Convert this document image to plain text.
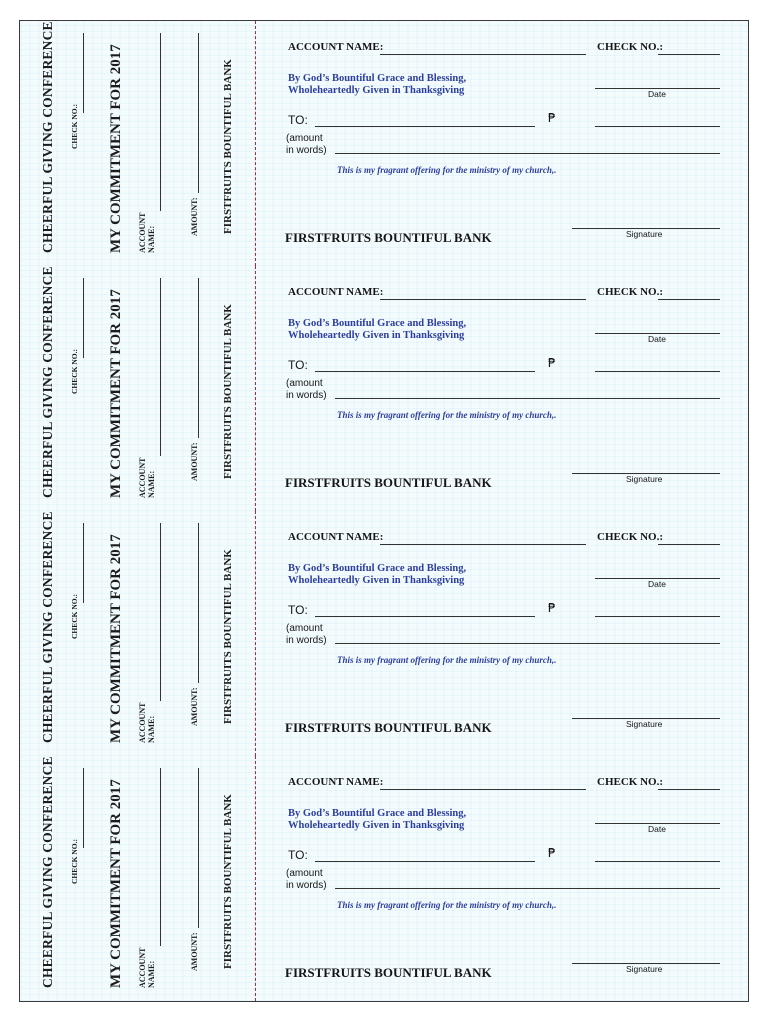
CHEERFUL GIVING CONFERENCE CHECK NO.: MY COMMITMENT FOR 2017 ACCOUNT NAME:
AMOUNT: FIRSTFRUITS BOUNTIFUL BANK
ACCOUNT NAME:	CHECK NO.:
By God’s Bountiful Grace and Blessing,
Wholeheartedly Given in Thanksgiving	Date
TO:	₱
(amount
in words)
This is my fragrant offering for the ministry of my church,.
Signature
FIRSTFRUITS BOUNTIFUL BANK
CHEERFUL GIVING CONFERENCE CHECK NO.: MY COMMITMENT FOR 2017 ACCOUNT NAME:
AMOUNT: FIRSTFRUITS BOUNTIFUL BANK
ACCOUNT NAME:	CHECK NO.:
By God’s Bountiful Grace and Blessing,
Wholeheartedly Given in Thanksgiving	Date
TO:	₱
(amount
in words)
This is my fragrant offering for the ministry of my church,.
Signature
FIRSTFRUITS BOUNTIFUL BANK
CHEERFUL GIVING CONFERENCE CHECK NO.: MY COMMITMENT FOR 2017 ACCOUNT NAME:
AMOUNT: FIRSTFRUITS BOUNTIFUL BANK
ACCOUNT NAME:	CHECK NO.:
By God’s Bountiful Grace and Blessing,
Wholeheartedly Given in Thanksgiving	Date
TO:	₱
(amount
in words)
This is my fragrant offering for the ministry of my church,.
Signature
FIRSTFRUITS BOUNTIFUL BANK
CHEERFUL GIVING CONFERENCE CHECK NO.: MY COMMITMENT FOR 2017 ACCOUNT NAME:
AMOUNT: FIRSTFRUITS BOUNTIFUL BANK
ACCOUNT NAME:	CHECK NO.:
By God’s Bountiful Grace and Blessing,
Wholeheartedly Given in Thanksgiving	Date
TO:	₱
(amount
in words)
This is my fragrant offering for the ministry of my church,.
Signature
FIRSTFRUITS BOUNTIFUL BANK
